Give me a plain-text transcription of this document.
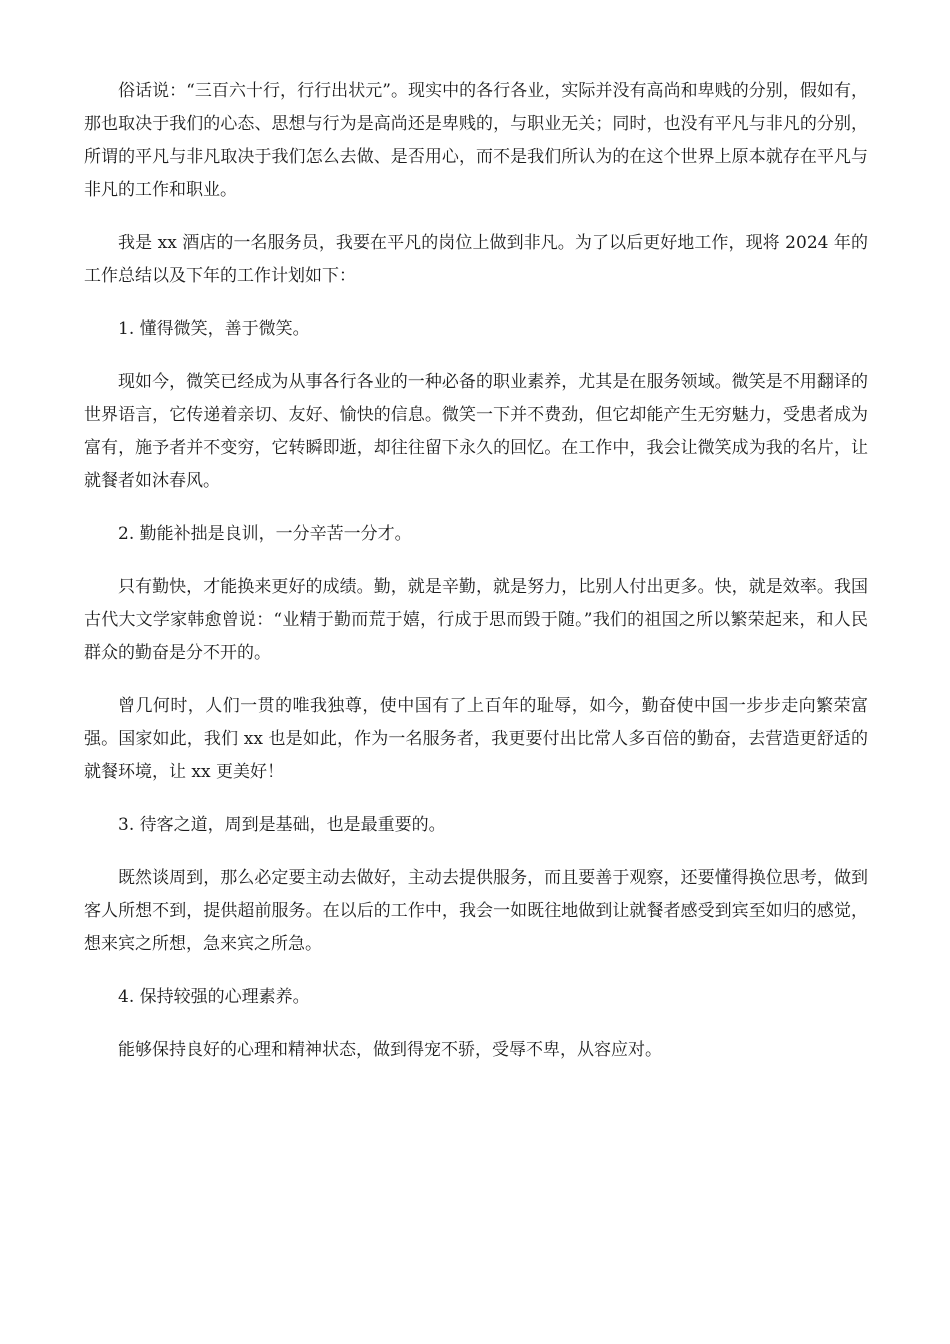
俗话说：“三百六十行，行行出状元”。现实中的各行各业，实际并没有高尚和卑贱的分别，假如有，那也取决于我们的心态、思想与行为是高尚还是卑贱的，与职业无关；同时，也没有平凡与非凡的分别，所谓的平凡与非凡取决于我们怎么去做、是否用心，而不是我们所认为的在这个世界上原本就存在平凡与非凡的工作和职业。

我是 xx 酒店的一名服务员，我要在平凡的岗位上做到非凡。为了以后更好地工作，现将 2024 年的工作总结以及下年的工作计划如下：

1. 懂得微笑，善于微笑。

现如今，微笑已经成为从事各行各业的一种必备的职业素养，尤其是在服务领域。微笑是不用翻译的世界语言，它传递着亲切、友好、愉快的信息。微笑一下并不费劲，但它却能产生无穷魅力，受患者成为富有，施予者并不变穷，它转瞬即逝，却往往留下永久的回忆。在工作中，我会让微笑成为我的名片，让就餐者如沐春风。

2. 勤能补拙是良训，一分辛苦一分才。

只有勤快，才能换来更好的成绩。勤，就是辛勤，就是努力，比别人付出更多。快，就是效率。我国古代大文学家韩愈曾说：“业精于勤而荒于嬉，行成于思而毁于随。”我们的祖国之所以繁荣起来，和人民群众的勤奋是分不开的。

曾几何时，人们一贯的唯我独尊，使中国有了上百年的耻辱，如今，勤奋使中国一步步走向繁荣富强。国家如此，我们 xx 也是如此，作为一名服务者，我更要付出比常人多百倍的勤奋，去营造更舒适的就餐环境，让 xx 更美好！

3. 待客之道，周到是基础，也是最重要的。

既然谈周到，那么必定要主动去做好，主动去提供服务，而且要善于观察，还要懂得换位思考，做到客人所想不到，提供超前服务。在以后的工作中，我会一如既往地做到让就餐者感受到宾至如归的感觉，想来宾之所想，急来宾之所急。

4. 保持较强的心理素养。

能够保持良好的心理和精神状态，做到得宠不骄，受辱不卑，从容应对。
